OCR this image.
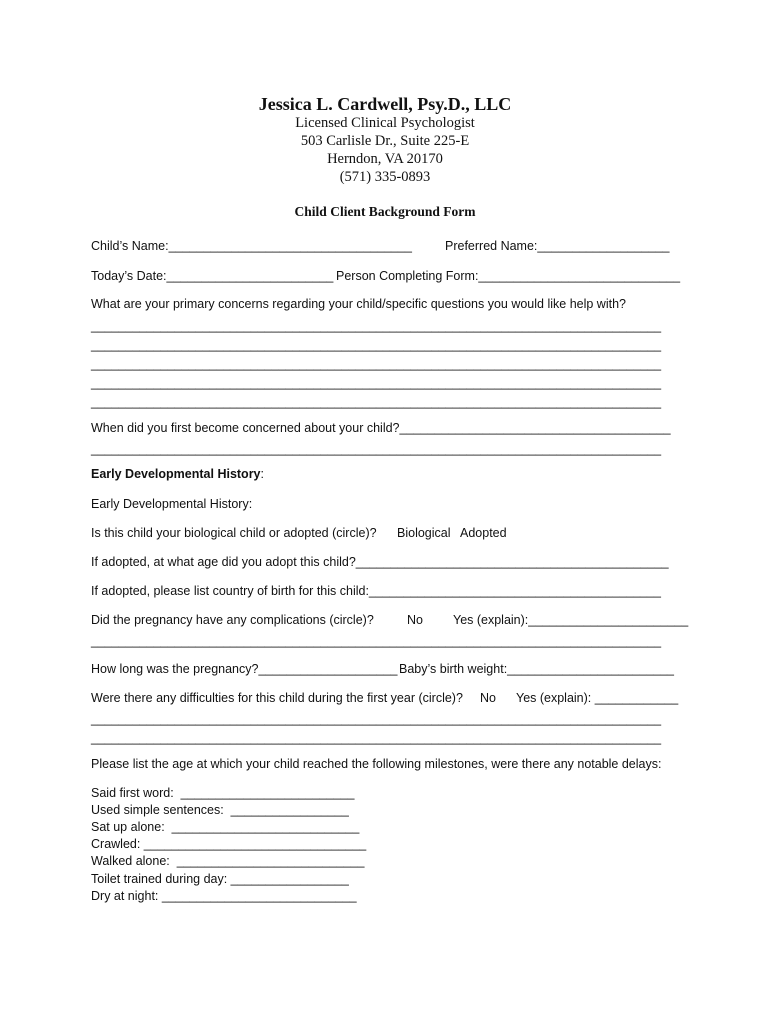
Jessica L. Cardwell, Psy.D., LLC
Licensed Clinical Psychologist
503 Carlisle Dr., Suite 225-E
Herndon, VA 20170
(571) 335-0893
Child Client Background Form
Child’s Name:___________________________________	Preferred Name:___________________
Today’s Date:________________________ Person Completing Form:_____________________________
What are your primary concerns regarding your child/specific questions you would like help with?
__________________________________________________________________________________
__________________________________________________________________________________
__________________________________________________________________________________
__________________________________________________________________________________
__________________________________________________________________________________
When did you first become concerned about your child?_______________________________________
__________________________________________________________________________________
Early Developmental History:
Early Developmental History:
Is this child your biological child or adopted (circle)? Biological Adopted
If adopted, at what age did you adopt this child?_____________________________________________
If adopted, please list country of birth for this child:__________________________________________
Did the pregnancy have any complications (circle)?	No Yes (explain):_______________________
__________________________________________________________________________________
How long was the pregnancy?____________________ Baby’s birth weight:________________________
Were there any difficulties for this child during the first year (circle)? No Yes (explain): ____________
__________________________________________________________________________________
__________________________________________________________________________________
Please list the age at which your child reached the following milestones, were there any notable delays:
Said first word:  _________________________
Used simple sentences:  _________________
Sat up alone:  ___________________________
Crawled: ________________________________
Walked alone:  ___________________________
Toilet trained during day: _________________
Dry at night: ____________________________
